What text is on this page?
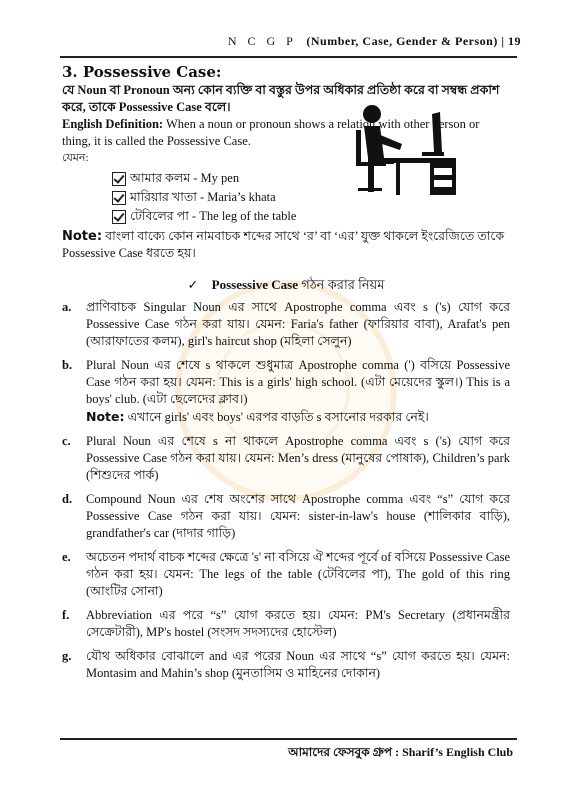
N C G P (Number, Case, Gender & Person) | 19
3. Possessive Case:

যে Noun বা Pronoun অন্য কোন ব্যক্তি বা বস্তুর উপর অধিকার প্রতিষ্ঠা করে বা সম্বন্ধ প্রকাশ করে, তাকে Possessive Case বলে।

English Definition: When a noun or pronoun shows a relation with other person or thing, it is called the Possessive Case.

যেমন:

আমার কলম - My pen
মারিয়ার খাতা - Maria’s khata
টেবিলের পা - The leg of the table

Note: বাংলা বাক্যে কোন নামবাচক শব্দের সাথে ‘র’ বা ‘এর’ যুক্ত থাকলে ইংরেজিতে তাকে Possessive Case ধরতে হয়।

✓ Possessive Case গঠন করার নিয়ম
a.	প্রাণিবাচক Singular Noun এর সাথে Apostrophe comma এবং s ('s) যোগ করে Possessive Case গঠন করা যায়। যেমন: Faria's father (ফারিয়ার বাবা), Arafat's pen (আরাফাতের কলম), girl's haircut shop (মহিলা সেলুন)
b.	Plural Noun এর শেষে s থাকলে শুধুমাত্র Apostrophe comma (') বসিয়ে Possessive Case গঠন করা হয়। যেমন: This is a girls' high school. (এটা মেয়েদের স্কুল।) This is a boys' club. (এটা ছেলেদের ক্লাব।)
Note: এখানে girls' এবং boys' এরপর বাড়তি s বসানোর দরকার নেই।
c.	Plural Noun এর শেষে s না থাকলে Apostrophe comma এবং s ('s) যোগ করে Possessive Case গঠন করা যায়। যেমন: Men’s dress (মানুষের পোষাক), Children’s park (শিশুদের পার্ক)
d.	Compound Noun এর শেষ অংশের সাথে Apostrophe comma এবং “s” যোগ করে Possessive Case গঠন করা যায়। যেমন: sister-in-law's house (শালিকার বাড়ি), grandfather's car (দাদার গাড়ি)
e.	অচেতন পদার্থ বাচক শব্দের ক্ষেত্রে 's' না বসিয়ে ঐ শব্দের পূর্বে of বসিয়ে Possessive Case গঠন করা হয়। যেমন: The legs of the table (টেবিলের পা), The gold of this ring (আংটির সোনা)
f.	Abbreviation এর পরে “s” যোগ করতে হয়। যেমন: PM's Secretary (প্রধানমন্ত্রীর সেক্রেটারী), MP's hostel (সংসদ সদস্যদের হোস্টেল)
g.	যৌথ অধিকার বোঝালে and এর পরের Noun এর সাথে “s” যোগ করতে হয়। যেমন: Montasim and Mahin’s shop (মুনতাসিম ও মাহিনের দোকান)
আমাদের ফেসবুক গ্রুপ : Sharif’s English Club
